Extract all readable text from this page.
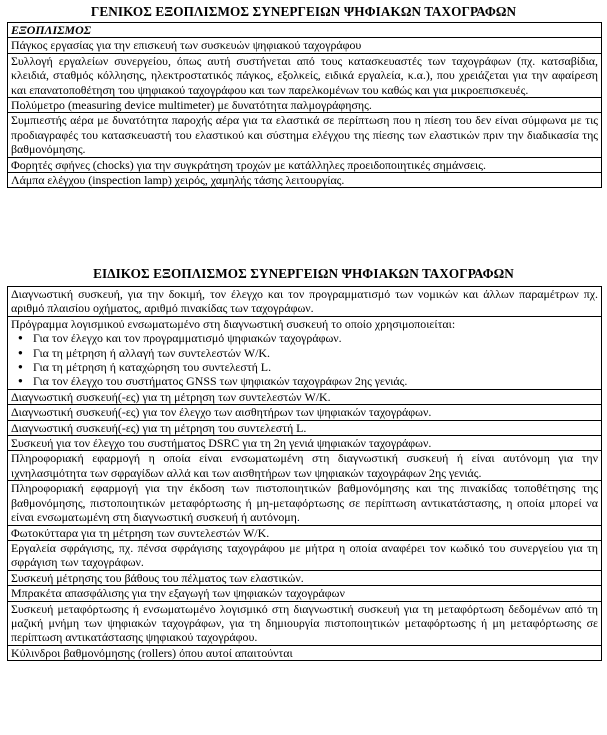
ΓΕΝΙΚΟΣ ΕΞΟΠΛΙΣΜΟΣ ΣΥΝΕΡΓΕΙΩΝ ΨΗΦΙΑΚΩΝ ΤΑΧΟΓΡΑΦΩΝ
ΕΞΟΠΛΙΣΜΟΣ
Πάγκος εργασίας για την επισκευή των συσκευών ψηφιακού ταχογράφου
Συλλογή εργαλείων συνεργείου, όπως αυτή συστήνεται από τους κατασκευαστές των ταχογράφων (πχ. κατσαβίδια, κλειδιά, σταθμός κόλλησης, ηλεκτροστατικός πάγκος, εξολκείς, ειδικά εργαλεία, κ.α.), που χρειάζεται για την αφαίρεση και επανατοποθέτηση του ψηφιακού ταχογράφου και των παρελκομένων του καθώς και για μικροεπισκευές.
Πολύμετρο (measuring device multimeter) με δυνατότητα παλμογράφησης.
Συμπιεστής αέρα με δυνατότητα παροχής αέρα για τα ελαστικά σε περίπτωση που η πίεση του δεν είναι σύμφωνα με τις προδιαγραφές του κατασκευαστή του ελαστικού και σύστημα ελέγχου της πίεσης των ελαστικών πριν την διαδικασία της βαθμονόμησης.
Φορητές σφήνες (chocks) για την συγκράτηση τροχών με κατάλληλες προειδοποιητικές σημάνσεις.
Λάμπα ελέγχου (inspection lamp) χειρός, χαμηλής τάσης λειτουργίας.
ΕΙΔΙΚΟΣ ΕΞΟΠΛΙΣΜΟΣ ΣΥΝΕΡΓΕΙΩΝ ΨΗΦΙΑΚΩΝ ΤΑΧΟΓΡΑΦΩΝ
Διαγνωστική συσκευή, για την δοκιμή, τον έλεγχο και τον προγραμματισμό των νομικών και άλλων παραμέτρων πχ. αριθμό πλαισίου οχήματος, αριθμό πινακίδας των ταχογράφων.

Πρόγραμμα λογισμικού ενσωματωμένο στη διαγνωστική συσκευή το οποίο χρησιμοποιείται:
● Για τον έλεγχο και τον προγραμματισμό ψηφιακών ταχογράφων.
● Για τη μέτρηση ή αλλαγή των συντελεστών W/K.
● Για τη μέτρηση ή καταχώρηση του συντελεστή L.
● Για τον έλεγχο του συστήματος GNSS των ψηφιακών ταχογράφων 2ης γενιάς.

Διαγνωστική συσκευή(-ες) για τη μέτρηση των συντελεστών W/K.
Διαγνωστική συσκευή(-ες) για τον έλεγχο των αισθητήρων των ψηφιακών ταχογράφων.
Διαγνωστική συσκευή(-ες) για τη μέτρηση του συντελεστή L.
Συσκευή για τον έλεγχο του συστήματος DSRC για τη 2η γενιά ψηφιακών ταχογράφων.
Πληροφοριακή εφαρμογή η οποία είναι ενσωματωμένη στη διαγνωστική συσκευή ή είναι αυτόνομη για την ιχνηλασιμότητα των σφραγίδων αλλά και των αισθητήρων των ψηφιακών ταχογράφων 2ης γενιάς.
Πληροφοριακή εφαρμογή για την έκδοση των πιστοποιητικών βαθμονόμησης και της πινακίδας τοποθέτησης της βαθμονόμησης, πιστοποιητικών μεταφόρτωσης ή μη-μεταφόρτωσης σε περίπτωση αντικατάστασης, η οποία μπορεί να είναι ενσωματωμένη στη διαγνωστική συσκευή ή αυτόνομη.
Φωτοκύτταρα για τη μέτρηση των συντελεστών W/K.
Εργαλεία σφράγισης, πχ. πένσα σφράγισης ταχογράφου με μήτρα η οποία αναφέρει τον κωδικό του συνεργείου για τη σφράγιση των ταχογράφων.
Συσκευή μέτρησης του βάθους του πέλματος των ελαστικών.
Μπρακέτα απασφάλισης για την εξαγωγή των ψηφιακών ταχογράφων
Συσκευή μεταφόρτωσης ή ενσωματωμένο λογισμικό στη διαγνωστική συσκευή για τη μεταφόρτωση δεδομένων από τη μαζική μνήμη των ψηφιακών ταχογράφων, για τη δημιουργία πιστοποιητικών μεταφόρτωσης ή μη μεταφόρτωσης σε περίπτωση αντικατάστασης ψηφιακού ταχογράφου.
Κύλινδροι βαθμονόμησης (rollers) όπου αυτοί απαιτούνται
